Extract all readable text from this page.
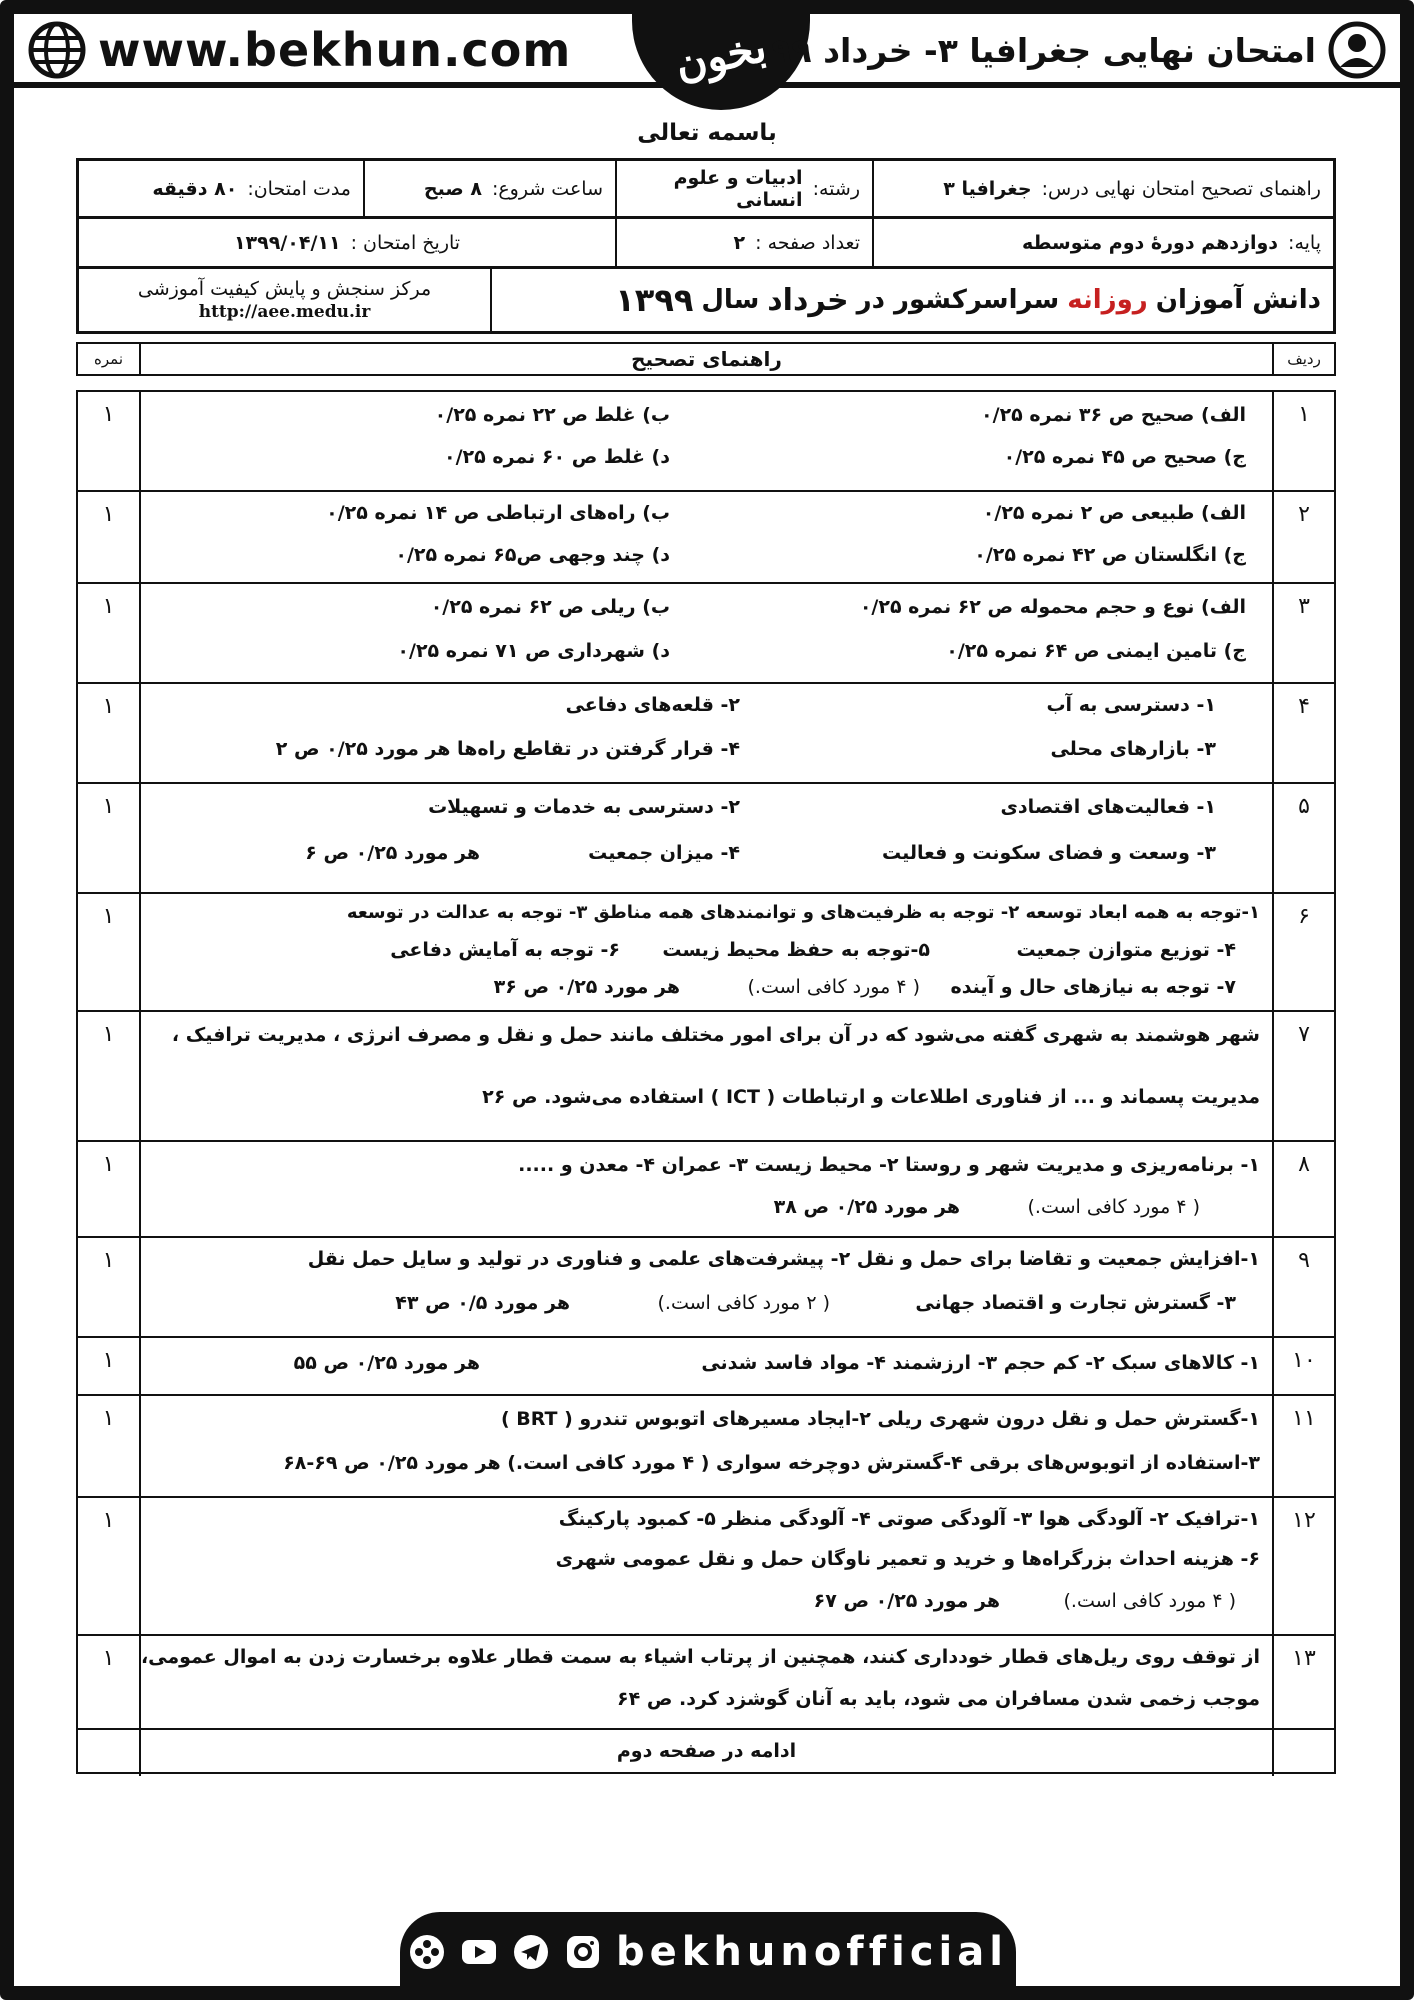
www.bekhun.com بخون امتحان نهایی جغرافیا ۳- خرداد ۹۹
باسمه تعالی
راهنمای تصحیح امتحان نهایی درس:
جغرافیا ۳
رشته:
ادبیات و علوم انسانی
ساعت شروع:
۸ صبح
مدت امتحان:
۸۰ دقیقه
پایه:
دوازدهم دورهٔ دوم متوسطه
تعداد صفحه :
۲
تاریخ امتحان :
۱۳۹۹/۰۴/۱۱
دانش آموزان
روزانه
سراسرکشور در
خرداد
سال
۱۳۹۹
مرکز سنجش و پایش کیفیت آموزشی
http://aee.medu.ir
ردیف
راهنمای تصحیح
نمره
۱
الف) صحیح ص ۳۶ نمره ۰/۲۵
ب) غلط ص ۲۲ نمره ۰/۲۵
ج) صحیح ص ۴۵ نمره ۰/۲۵
د) غلط ص ۶۰ نمره ۰/۲۵
۱
۲
الف) طبیعی ص ۲ نمره ۰/۲۵
ب) راه‌های ارتباطی ص ۱۴ نمره ۰/۲۵
ج) انگلستان ص ۴۲ نمره ۰/۲۵
د) چند وجهی ص۶۵ نمره ۰/۲۵
۱
۳
الف) نوع و حجم محموله ص ۶۲ نمره ۰/۲۵
ب) ریلی ص ۶۲ نمره ۰/۲۵
ج) تامین ایمنی ص ۶۴ نمره ۰/۲۵
د) شهرداری ص ۷۱ نمره ۰/۲۵
۱
۴
۱- دسترسی به آب
۲- قلعه‌های دفاعی
۳- بازارهای محلی
۴- قرار گرفتن در تقاطع راه‌ها هر مورد ۰/۲۵ ص ۲
۱
۵
۱- فعالیت‌های اقتصادی
۲- دسترسی به خدمات و تسهیلات
۳- وسعت و فضای سکونت و فعالیت
۴- میزان جمعیت
هر مورد ۰/۲۵ ص ۶
۱
۶
۱-توجه به همه ابعاد توسعه ۲- توجه به ظرفیت‌های و توانمندهای همه مناطق ۳- توجه به عدالت در توسعه
۴- توزیع متوازن جمعیت
۵-توجه به حفظ محیط زیست
۶- توجه به آمایش دفاعی
۷- توجه به نیازهای حال و آینده
( ۴ مورد کافی است.)
هر مورد ۰/۲۵ ص ۳۶
۱
۷
شهر هوشمند به شهری گفته می‌شود که در آن برای امور مختلف مانند حمل و نقل و مصرف انرژی ، مدیریت ترافیک ،
مدیریت پسماند و ... از فناوری اطلاعات و ارتباطات ( ICT ) استفاده می‌شود. ص ۲۶
۱
۸
۱- برنامه‌ریزی و مدیریت شهر و روستا ۲- محیط زیست ۳- عمران ۴- معدن و .....
( ۴ مورد کافی است.)
هر مورد ۰/۲۵ ص ۳۸
۱
۹
۱-افزایش جمعیت و تقاضا برای حمل و نقل ۲- پیشرفت‌های علمی و فناوری در تولید و سایل حمل نقل
۳- گسترش تجارت و اقتصاد جهانی
( ۲ مورد کافی است.)
هر مورد ۰/۵ ص ۴۳
۱
۱۰
۱- کالاهای سبک ۲- کم حجم ۳- ارزشمند ۴- مواد فاسد شدنی
هر مورد ۰/۲۵ ص ۵۵
۱
۱۱
۱-گسترش حمل و نقل درون شهری ریلی ۲-ایجاد مسیرهای اتوبوس تندرو ( BRT )
۳-استفاده از اتوبوس‌های برقی ۴-گسترش دوچرخه سواری ( ۴ مورد کافی است.) هر مورد ۰/۲۵ ص ۶۹-۶۸
۱
۱۲
۱-ترافیک ۲- آلودگی هوا ۳- آلودگی صوتی ۴- آلودگی منظر ۵- کمبود پارکینگ
۶- هزینه احداث بزرگراه‌ها و خرید و تعمیر ناوگان حمل و نقل عمومی شهری
( ۴ مورد کافی است.)
هر مورد ۰/۲۵ ص ۶۷
۱
۱۳
از توقف روی ریل‌های قطار خودداری کنند، همچنین از پرتاب اشیاء به سمت قطار علاوه برخسارت زدن به اموال عمومی،
موجب زخمی شدن مسافران می شود، باید به آنان گوشزد کرد. ص ۶۴
۱
ادامه در صفحه دوم
bekhunofficial
